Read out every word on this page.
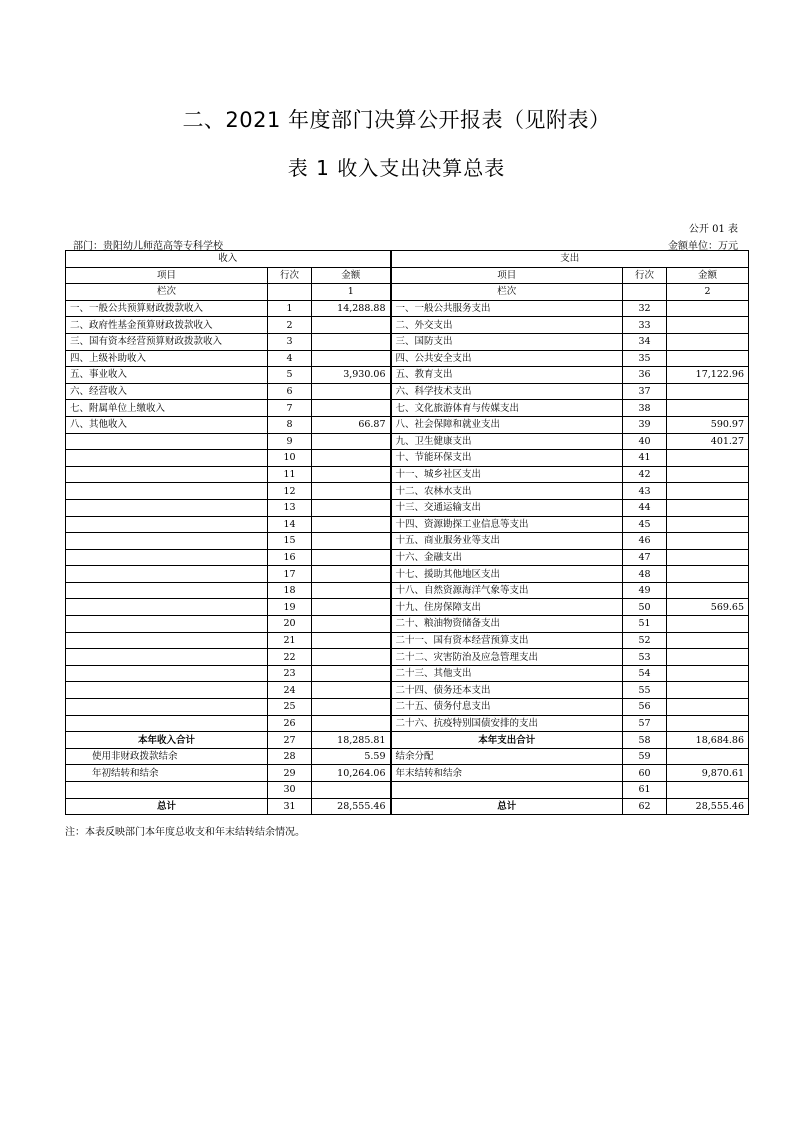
二、2021 年度部门决算公开报表（见附表）
表 1 收入支出决算总表
公开 01 表
部门：贵阳幼儿师范高等专科学校	金额单位：万元
收入			支出		
项目	行次	金额	项目	行次	金额
栏次		1	栏次		2
一、一般公共预算财政拨款收入	1	14,288.88	一、一般公共服务支出	32	
二、政府性基金预算财政拨款收入	2		二、外交支出	33	
三、国有资本经营预算财政拨款收入	3		三、国防支出	34	
四、上级补助收入	4		四、公共安全支出	35	
五、事业收入	5	3,930.06	五、教育支出	36	17,122.96
六、经营收入	6		六、科学技术支出	37	
七、附属单位上缴收入	7		七、文化旅游体育与传媒支出	38	
八、其他收入	8	66.87	八、社会保障和就业支出	39	590.97
	9		九、卫生健康支出	40	401.27
	10		十、节能环保支出	41	
	11		十一、城乡社区支出	42	
	12		十二、农林水支出	43	
	13		十三、交通运输支出	44	
	14		十四、资源勘探工业信息等支出	45	
	15		十五、商业服务业等支出	46	
	16		十六、金融支出	47	
	17		十七、援助其他地区支出	48	
	18		十八、自然资源海洋气象等支出	49	
	19		十九、住房保障支出	50	569.65
	20		二十、粮油物资储备支出	51	
	21		二十一、国有资本经营预算支出	52	
	22		二十二、灾害防治及应急管理支出	53	
	23		二十三、其他支出	54	
	24		二十四、债务还本支出	55	
	25		二十五、债务付息支出	56	
	26		二十六、抗疫特别国债安排的支出	57	
本年收入合计	27	18,285.81	本年支出合计	58	18,684.86
使用非财政拨款结余	28	5.59	结余分配	59	
年初结转和结余	29	10,264.06	年末结转和结余	60	9,870.61
	30			61	
总计	31	28,555.46	总计	62	28,555.46
注：本表反映部门本年度总收支和年末结转结余情况。
